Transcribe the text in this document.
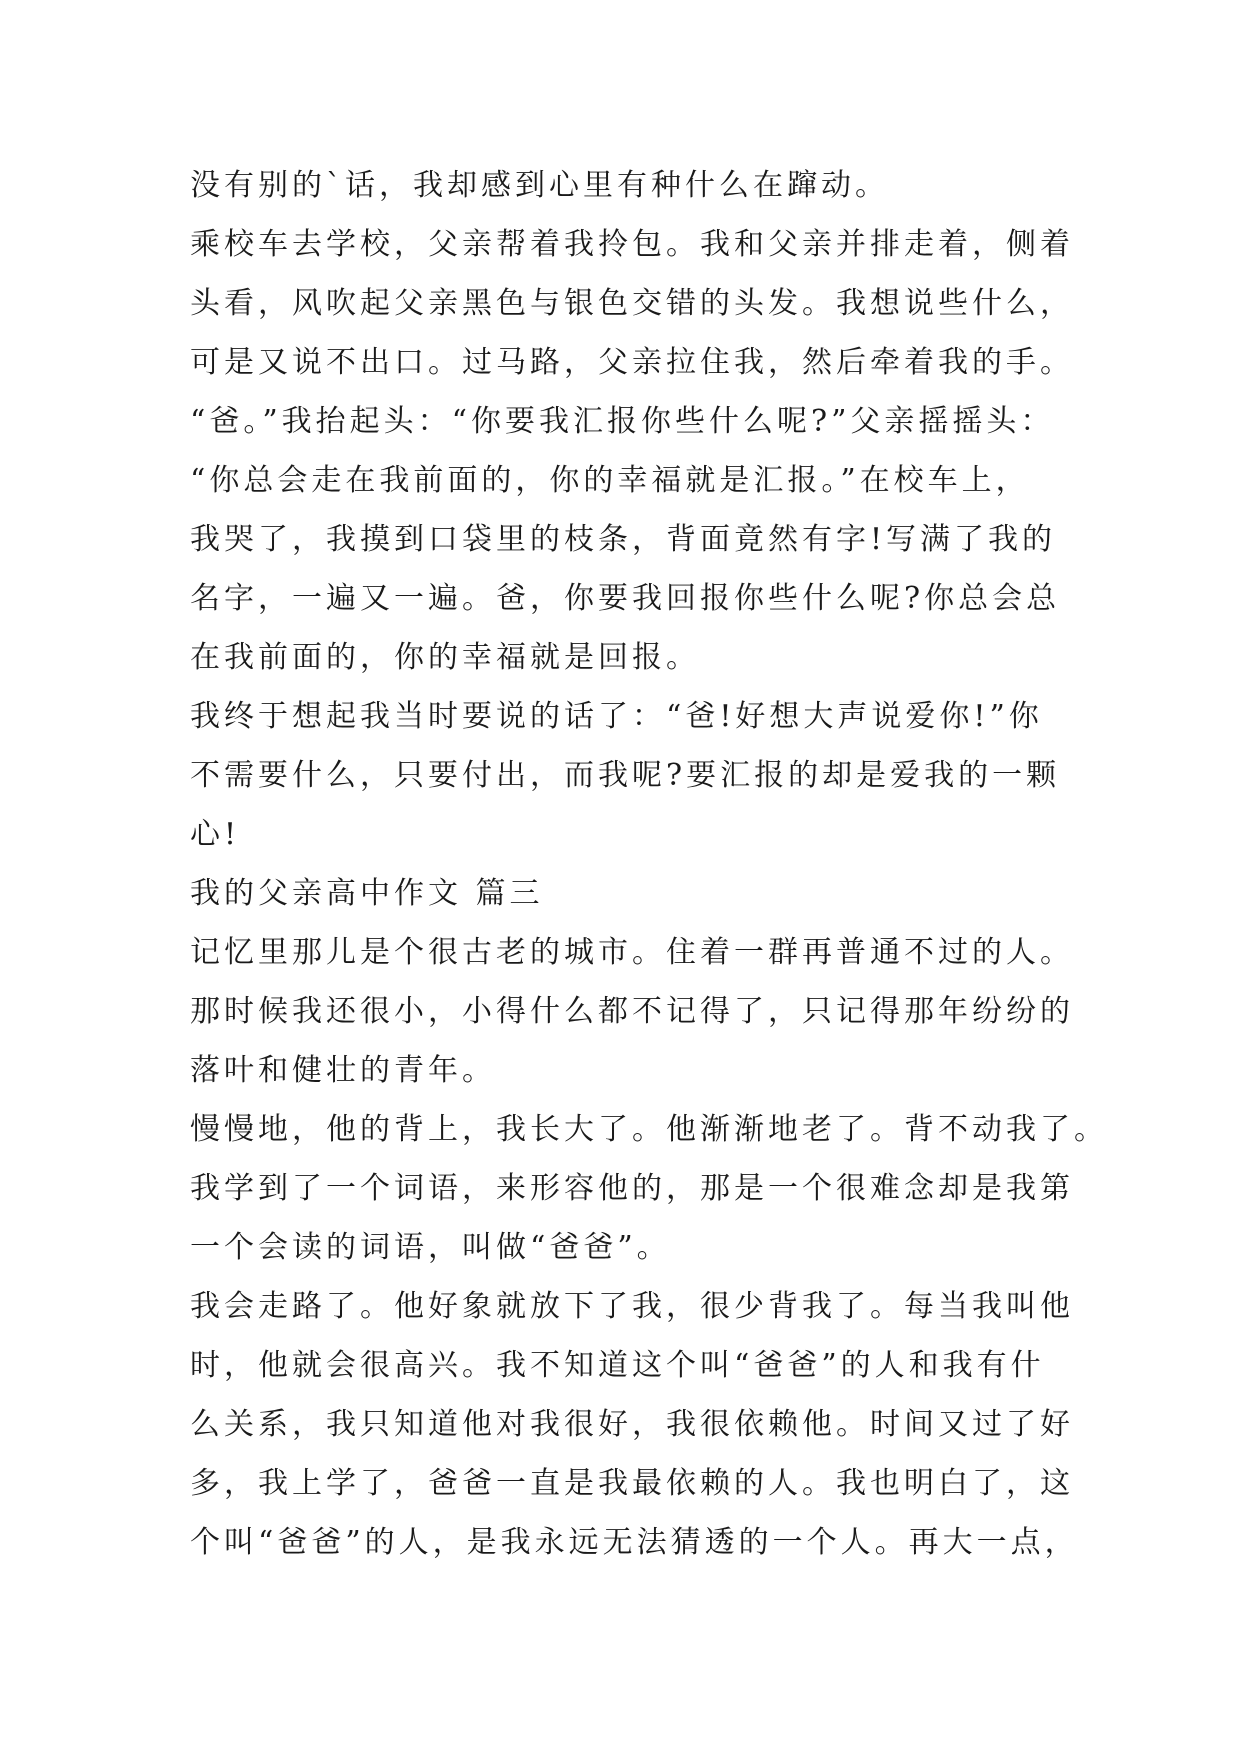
没有别的`话，我却感到心里有种什么在蹿动。
乘校车去学校，父亲帮着我拎包。我和父亲并排走着，侧着
头看，风吹起父亲黑色与银色交错的头发。我想说些什么，
可是又说不出口。过马路，父亲拉住我，然后牵着我的手。
“爸。”我抬起头：“你要我汇报你些什么呢?”父亲摇摇头：
“你总会走在我前面的，你的幸福就是汇报。”在校车上，
我哭了，我摸到口袋里的枝条，背面竟然有字!写满了我的
名字，一遍又一遍。爸，你要我回报你些什么呢?你总会总
在我前面的，你的幸福就是回报。
我终于想起我当时要说的话了：“爸!好想大声说爱你!”你
不需要什么，只要付出，而我呢?要汇报的却是爱我的一颗
心!
我的父亲高中作文 篇三
记忆里那儿是个很古老的城市。住着一群再普通不过的人。
那时候我还很小，小得什么都不记得了，只记得那年纷纷的
落叶和健壮的青年。
慢慢地，他的背上，我长大了。他渐渐地老了。背不动我了。
我学到了一个词语，来形容他的，那是一个很难念却是我第
一个会读的词语，叫做“爸爸”。
我会走路了。他好象就放下了我，很少背我了。每当我叫他
时，他就会很高兴。我不知道这个叫“爸爸”的人和我有什
么关系，我只知道他对我很好，我很依赖他。时间又过了好
多，我上学了，爸爸一直是我最依赖的人。我也明白了，这
个叫“爸爸”的人，是我永远无法猜透的一个人。再大一点，
